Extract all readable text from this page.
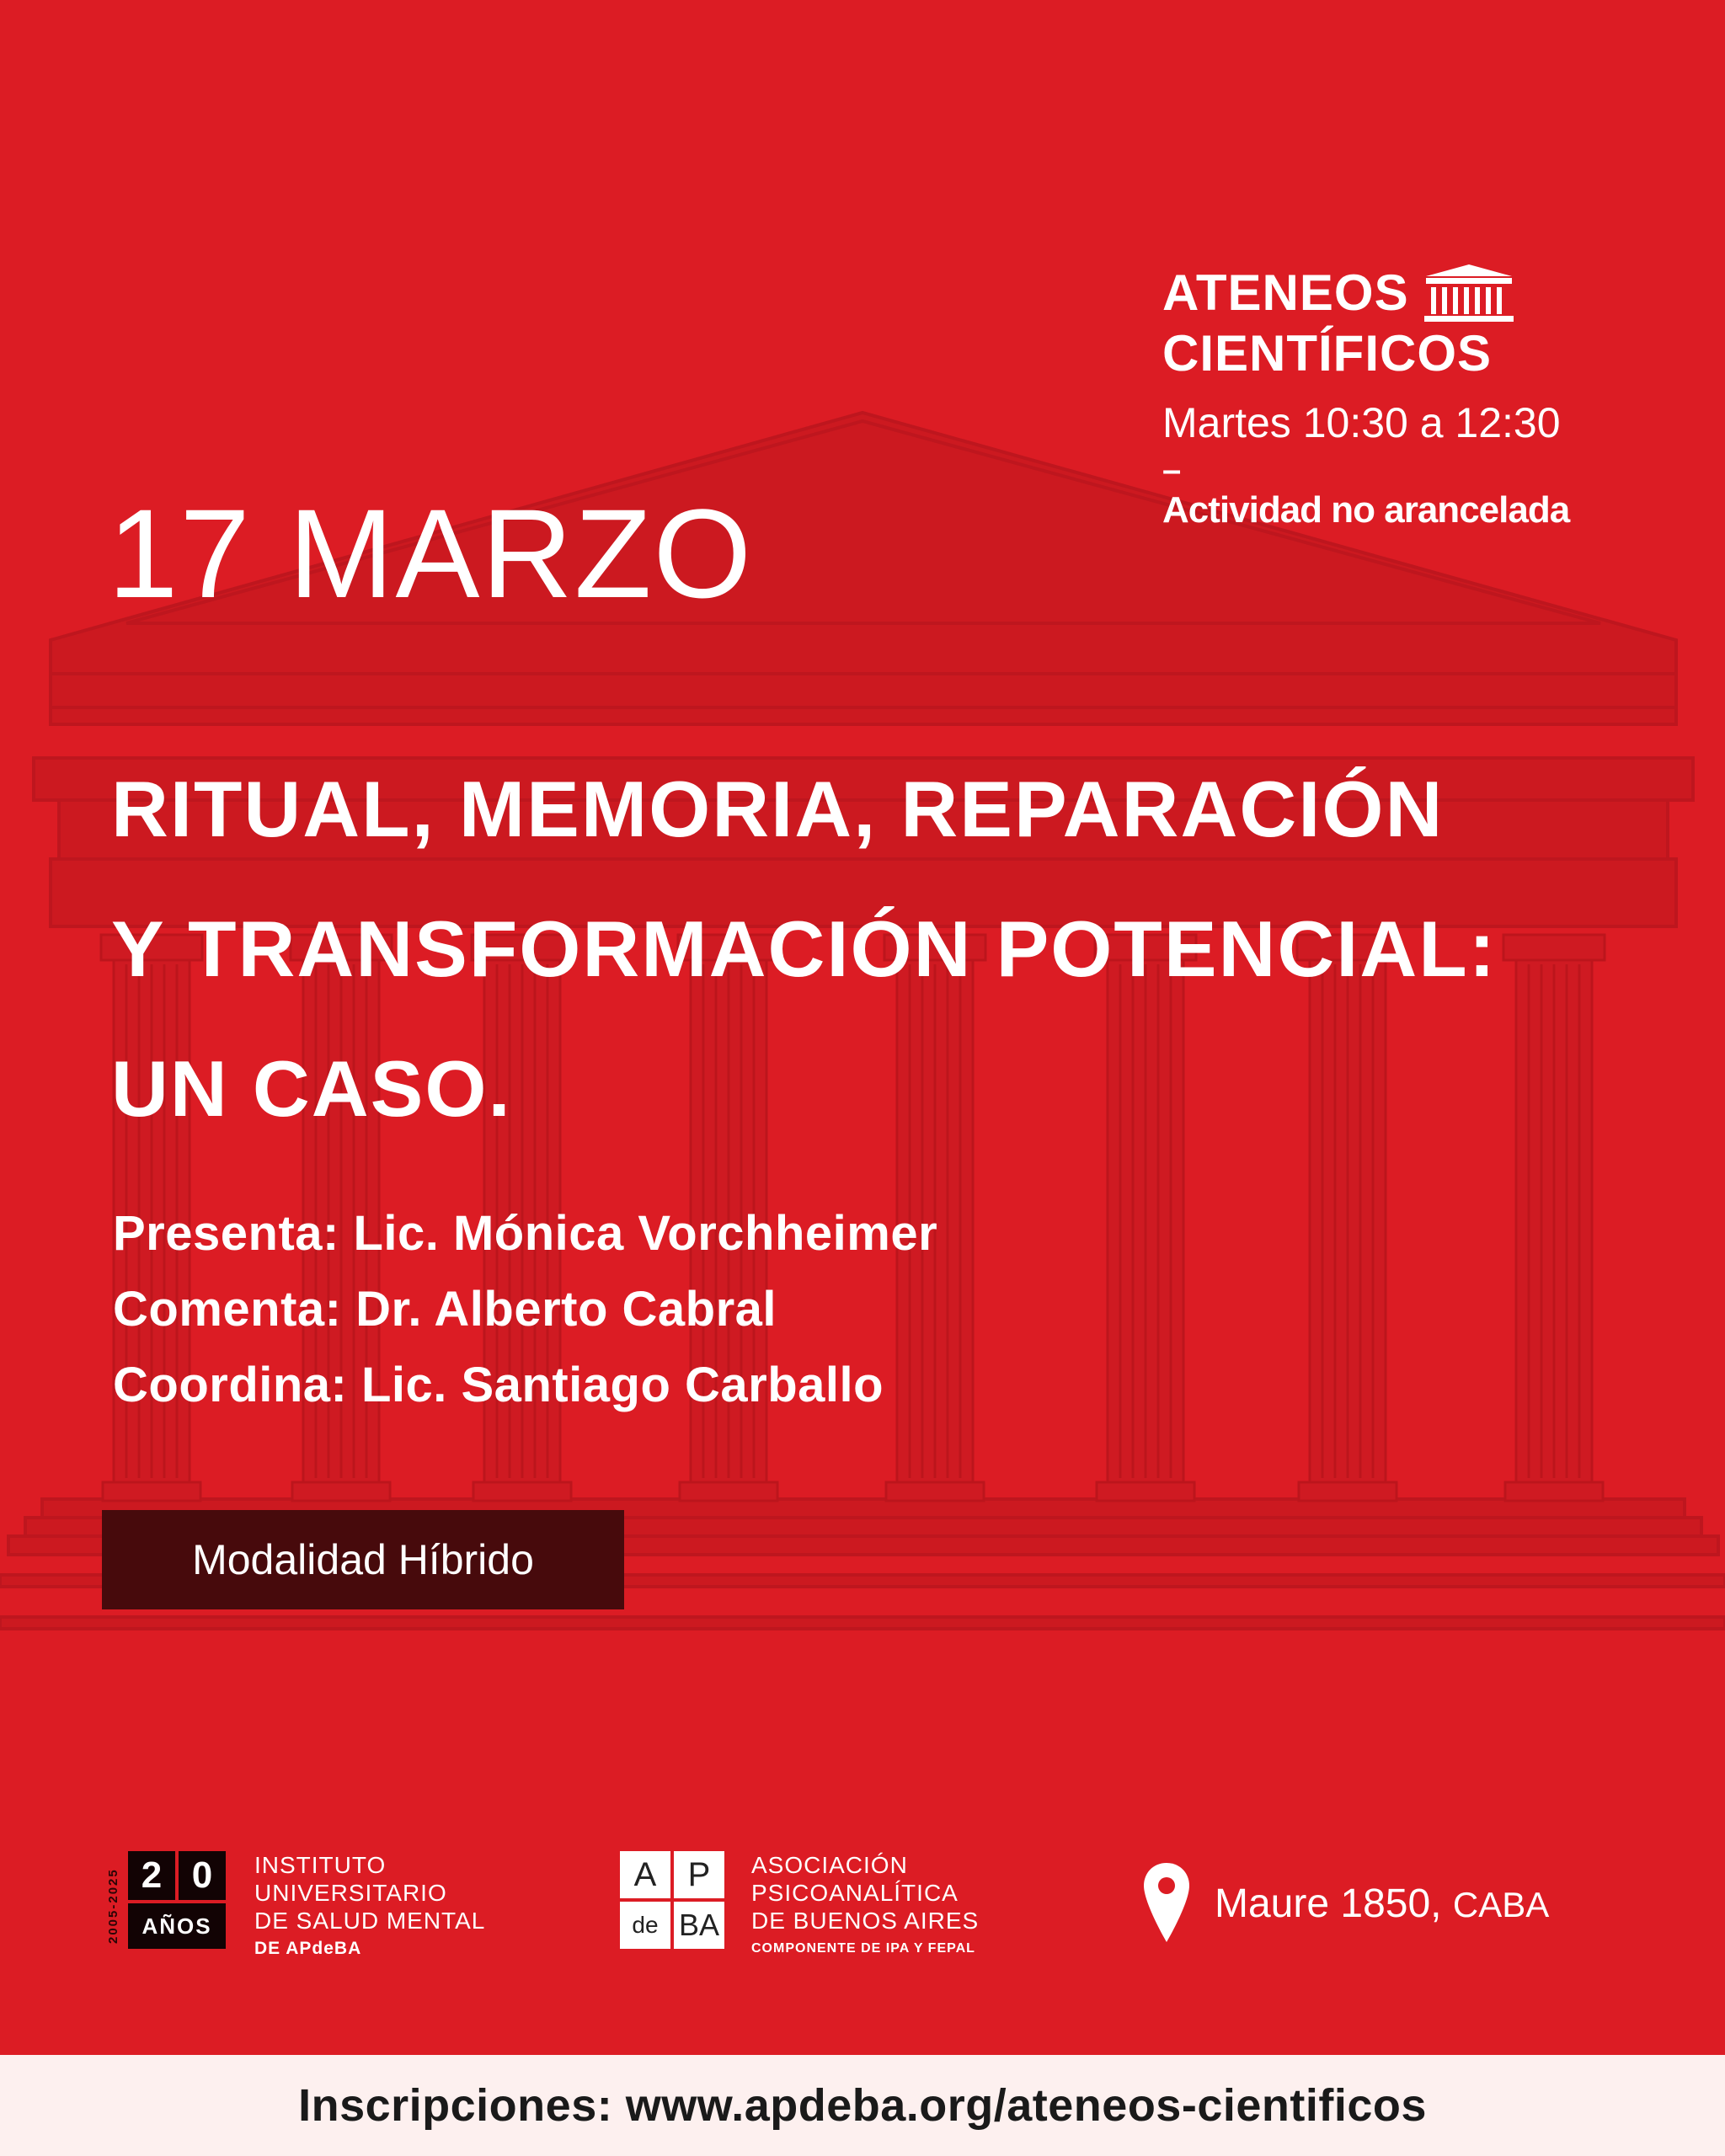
ATENEOS
CIENTÍFICOS
Martes 10:30 a 12:30
–
Actividad no arancelada
17 MARZO
RITUAL, MEMORIA, REPARACIÓN
Y TRANSFORMACIÓN POTENCIAL:
UN CASO.
Presenta: Lic. Mónica Vorchheimer
Comenta: Dr. Alberto Cabral
Coordina: Lic. Santiago Carballo
Modalidad Híbrido
2005-2025 2 0
AÑOS
INSTITUTO
UNIVERSITARIO
DE SALUD MENTAL
DE APdeBA
A P
de BA
ASOCIACIÓN
PSICOANALÍTICA
DE BUENOS AIRES
COMPONENTE DE IPA Y FEPAL
Maure 1850, CABA
Inscripciones: www.apdeba.org/ateneos-cientificos
